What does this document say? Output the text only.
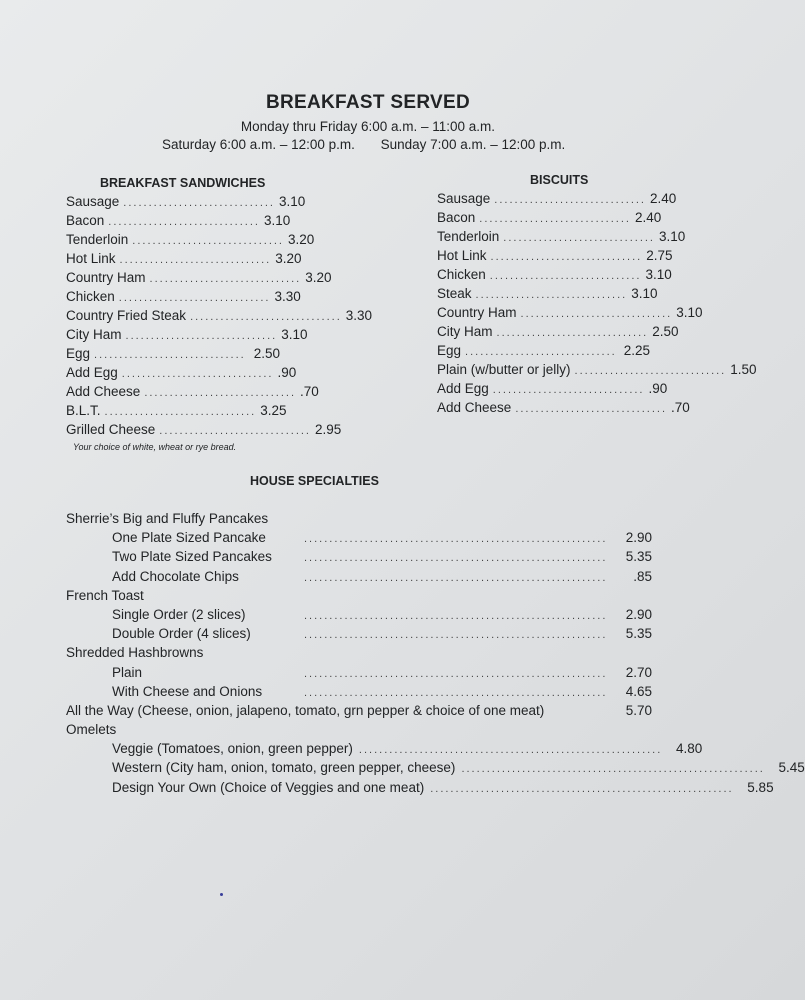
BREAKFAST SERVED
Monday thru Friday 6:00 a.m. – 11:00 a.m.
Saturday 6:00 a.m. – 12:00 p.m. Sunday 7:00 a.m. – 12:00 p.m.
BREAKFAST SANDWICHES
Sausage .............................. 3.10
Bacon .............................. 3.10
Tenderloin .............................. 3.20
Hot Link .............................. 3.20
Country Ham .............................. 3.20
Chicken .............................. 3.30
Country Fried Steak .............................. 3.30
City Ham .............................. 3.10
Egg .............................. 2.50
Add Egg .............................. .90
Add Cheese .............................. .70
B.L.T. .............................. 3.25
Grilled Cheese .............................. 2.95
Your choice of white, wheat or rye bread.
BISCUITS
Sausage .............................. 2.40
Bacon .............................. 2.40
Tenderloin .............................. 3.10
Hot Link .............................. 2.75
Chicken .............................. 3.10
Steak .............................. 3.10
Country Ham .............................. 3.10
City Ham .............................. 2.50
Egg .............................. 2.25
Plain (w/butter or jelly) .............................. 1.50
Add Egg .............................. .90
Add Cheese .............................. .70
HOUSE SPECIALTIES
Sherrie’s Big and Fluffy Pancakes
One Plate Sized Pancake	............................................................	2.90
Two Plate Sized Pancakes	............................................................	5.35
Add Chocolate Chips	............................................................	.85
French Toast
Single Order (2 slices)	............................................................	2.90
Double Order (4 slices)	............................................................	5.35
Shredded Hashbrowns
Plain	............................................................	2.70
With Cheese and Onions	............................................................	4.65
All the Way (Cheese, onion, jalapeno, tomato, grn pepper & choice of one meat)	5.70
Omelets
Veggie (Tomatoes, onion, green pepper) ............................................................	4.80
Western (City ham, onion, tomato, green pepper, cheese) ............................................................	5.45
Design Your Own (Choice of Veggies and one meat) ............................................................	5.85
